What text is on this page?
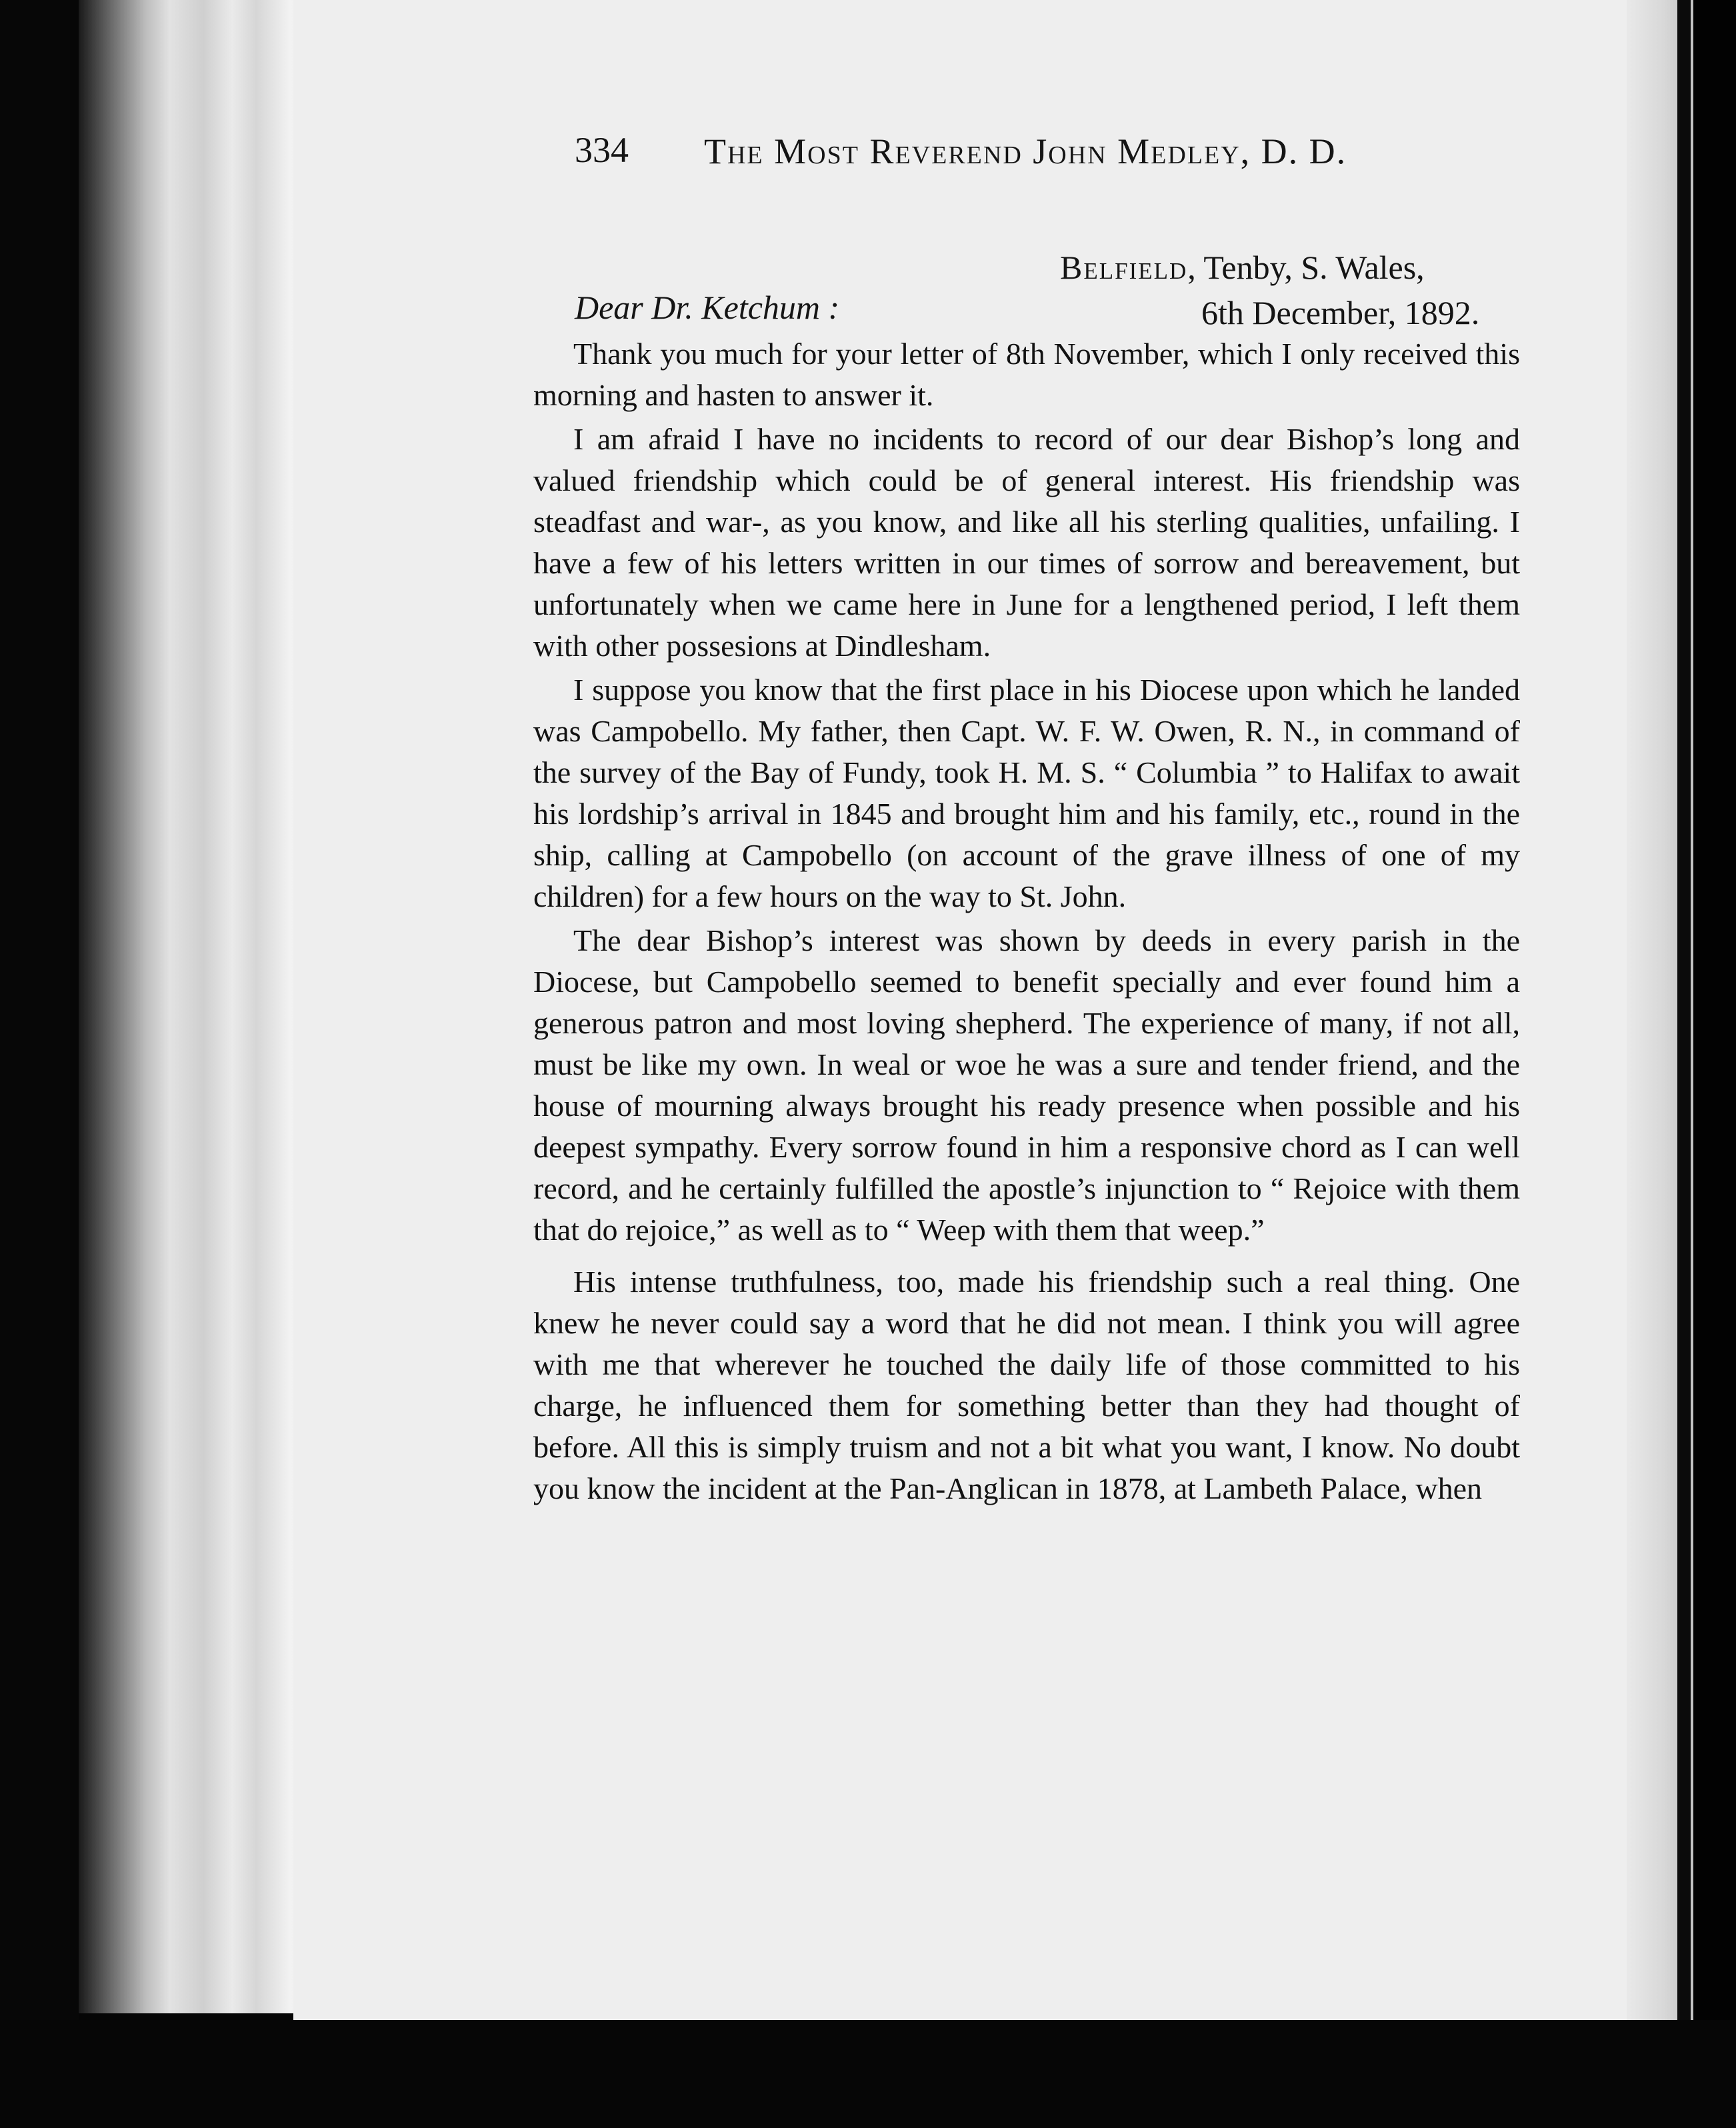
334 The Most Reverend John Medley, D. D.
Belfield, Tenby, S. Wales,
6th December, 1892.
Dear Dr. Ketchum :

Thank you much for your letter of 8th November, which I only received this morning and hasten to answer it.

I am afraid I have no incidents to record of our dear Bishop’s long and valued friendship which could be of general interest. His friendship was steadfast and war‑, as you know, and like all his sterling qualities, unfailing. I have a few of his letters written in our times of sorrow and bereavement, but unfortunately when we came here in June for a lengthened period, I left them with other possesions at Dindlesham.

I suppose you know that the first place in his Diocese upon which he landed was Campobello. My father, then Capt. W. F. W. Owen, R. N., in command of the survey of the Bay of Fundy, took H. M. S. “ Columbia ” to Halifax to await his lordship’s arrival in 1845 and brought him and his family, etc., round in the ship, calling at Campobello (on account of the grave illness of one of my children) for a few hours on the way to St. John.

The dear Bishop’s interest was shown by deeds in every parish in the Diocese, but Campobello seemed to benefit specially and ever found him a generous patron and most loving shepherd. The experience of many, if not all, must be like my own. In weal or woe he was a sure and tender friend, and the house of mourning always brought his ready presence when possible and his deepest sympathy. Every sorrow found in him a responsive chord as I can well record, and he certainly fulfilled the apostle’s injunction to “ Rejoice with them that do rejoice,” as well as to “ Weep with them that weep.”

His intense truthfulness, too, made his friendship such a real thing. One knew he never could say a word that he did not mean. I think you will agree with me that wherever he touched the daily life of those committed to his charge, he influenced them for something better than they had thought of before. All this is simply truism and not a bit what you want, I know. No doubt you know the incident at the Pan-Anglican in 1878, at Lambeth Palace, when
